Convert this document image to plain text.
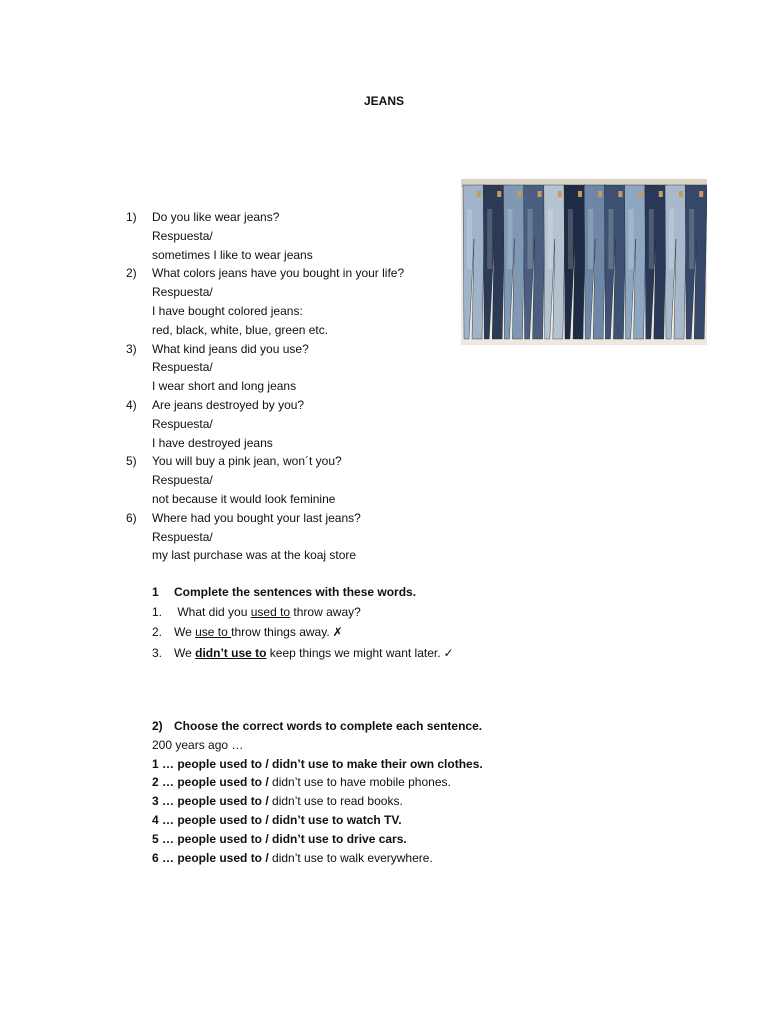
JEANS
1)	Do you like wear jeans?
Respuesta/
sometimes I like to wear jeans
2)	What colors jeans have you bought in your life?
Respuesta/
I have bought colored jeans:
red, black, white, blue, green etc.
3)	What kind jeans did you use?
Respuesta/
I wear short and long jeans
4)	Are jeans destroyed by you?
Respuesta/
I have destroyed jeans
5)	You will buy a pink jean, won´t you?
Respuesta/
not because it would look feminine
6)	Where had you bought your last jeans?
Respuesta/
my last purchase was at the koaj store
1 Complete the sentences with these words.
1. What did you used to throw away?
2. We use to throw things away. ✗
3. We didn’t use to keep things we might want later. ✓
2) Choose the correct words to complete each sentence.
200 years ago …
1 … people used to / didn’t use to make their own clothes.
2 … people used to / didn’t use to have mobile phones.
3 … people used to / didn’t use to read books.
4 … people used to / didn’t use to watch TV.
5 … people used to / didn’t use to drive cars.
6 … people used to / didn’t use to walk everywhere.
